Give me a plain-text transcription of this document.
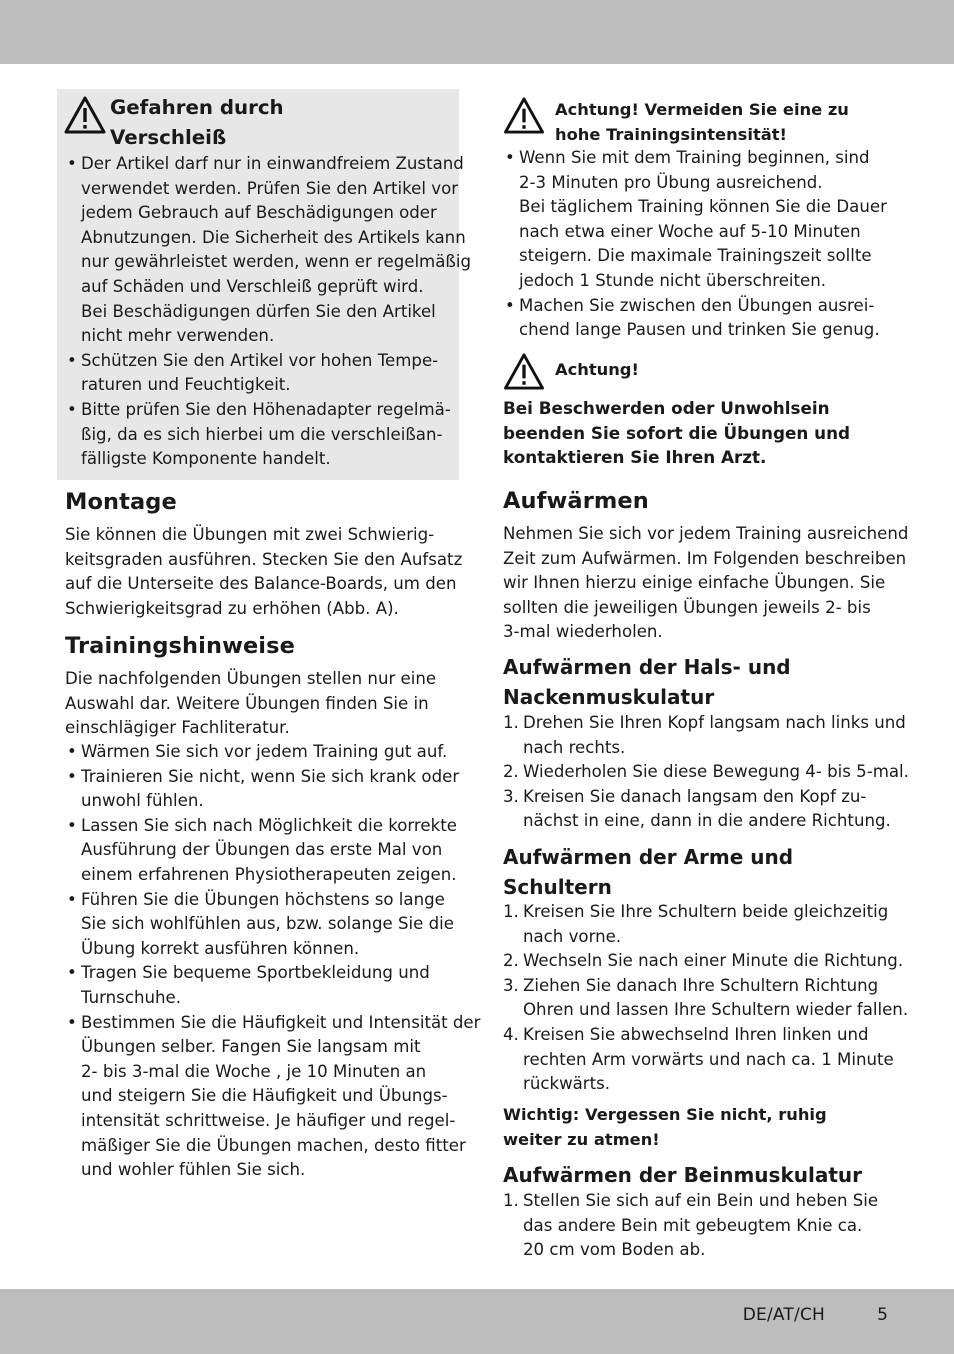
Gefahren durch
Verschleiß
• Der Artikel darf nur in einwandfreiem Zustand
verwendet werden. Prüfen Sie den Artikel vor
jedem Gebrauch auf Beschädigungen oder
Abnutzungen. Die Sicherheit des Artikels kann
nur gewährleistet werden, wenn er regelmäßig
auf Schäden und Verschleiß geprüft wird.
Bei Beschädigungen dürfen Sie den Artikel
nicht mehr verwenden.
• Schützen Sie den Artikel vor hohen Tempe-
raturen und Feuchtigkeit.
• Bitte prüfen Sie den Höhenadapter regelmä-
ßig, da es sich hierbei um die verschleißan-
fälligste Komponente handelt.
Montage
Sie können die Übungen mit zwei Schwierig-
keitsgraden ausführen. Stecken Sie den Aufsatz
auf die Unterseite des Balance-Boards, um den
Schwierigkeitsgrad zu erhöhen (Abb. A).
Trainingshinweise
Die nachfolgenden Übungen stellen nur eine
Auswahl dar. Weitere Übungen finden Sie in
einschlägiger Fachliteratur.
• Wärmen Sie sich vor jedem Training gut auf.
• Trainieren Sie nicht, wenn Sie sich krank oder
unwohl fühlen.
• Lassen Sie sich nach Möglichkeit die korrekte
Ausführung der Übungen das erste Mal von
einem erfahrenen Physiotherapeuten zeigen.
• Führen Sie die Übungen höchstens so lange
Sie sich wohlfühlen aus, bzw. solange Sie die
Übung korrekt ausführen können.
• Tragen Sie bequeme Sportbekleidung und
Turnschuhe.
• Bestimmen Sie die Häufigkeit und Intensität der
Übungen selber. Fangen Sie langsam mit
2- bis 3-mal die Woche , je 10 Minuten an
und steigern Sie die Häufigkeit und Übungs-
intensität schrittweise. Je häufiger und regel-
mäßiger Sie die Übungen machen, desto fitter
und wohler fühlen Sie sich.
Achtung! Vermeiden Sie eine zu
hohe Trainingsintensität!
• Wenn Sie mit dem Training beginnen, sind
2-3 Minuten pro Übung ausreichend.
Bei täglichem Training können Sie die Dauer
nach etwa einer Woche auf 5-10 Minuten
steigern. Die maximale Trainingszeit sollte
jedoch 1 Stunde nicht überschreiten.
• Machen Sie zwischen den Übungen ausrei-
chend lange Pausen und trinken Sie genug.
Achtung!
Bei Beschwerden oder Unwohlsein
beenden Sie sofort die Übungen und
kontaktieren Sie Ihren Arzt.
Aufwärmen
Nehmen Sie sich vor jedem Training ausreichend
Zeit zum Aufwärmen. Im Folgenden beschreiben
wir Ihnen hierzu einige einfache Übungen. Sie
sollten die jeweiligen Übungen jeweils 2- bis
3-mal wiederholen.
Aufwärmen der Hals- und
Nackenmuskulatur
1. Drehen Sie Ihren Kopf langsam nach links und
nach rechts.
2. Wiederholen Sie diese Bewegung 4- bis 5-mal.
3. Kreisen Sie danach langsam den Kopf zu-
nächst in eine, dann in die andere Richtung.
Aufwärmen der Arme und
Schultern
1. Kreisen Sie Ihre Schultern beide gleichzeitig
nach vorne.
2. Wechseln Sie nach einer Minute die Richtung.
3. Ziehen Sie danach Ihre Schultern Richtung
Ohren und lassen Ihre Schultern wieder fallen.
4. Kreisen Sie abwechselnd Ihren linken und
rechten Arm vorwärts und nach ca. 1 Minute
rückwärts.
Wichtig: Vergessen Sie nicht, ruhig
weiter zu atmen!
Aufwärmen der Beinmuskulatur
1. Stellen Sie sich auf ein Bein und heben Sie
das andere Bein mit gebeugtem Knie ca.
20 cm vom Boden ab.
DE/AT/CH	5
